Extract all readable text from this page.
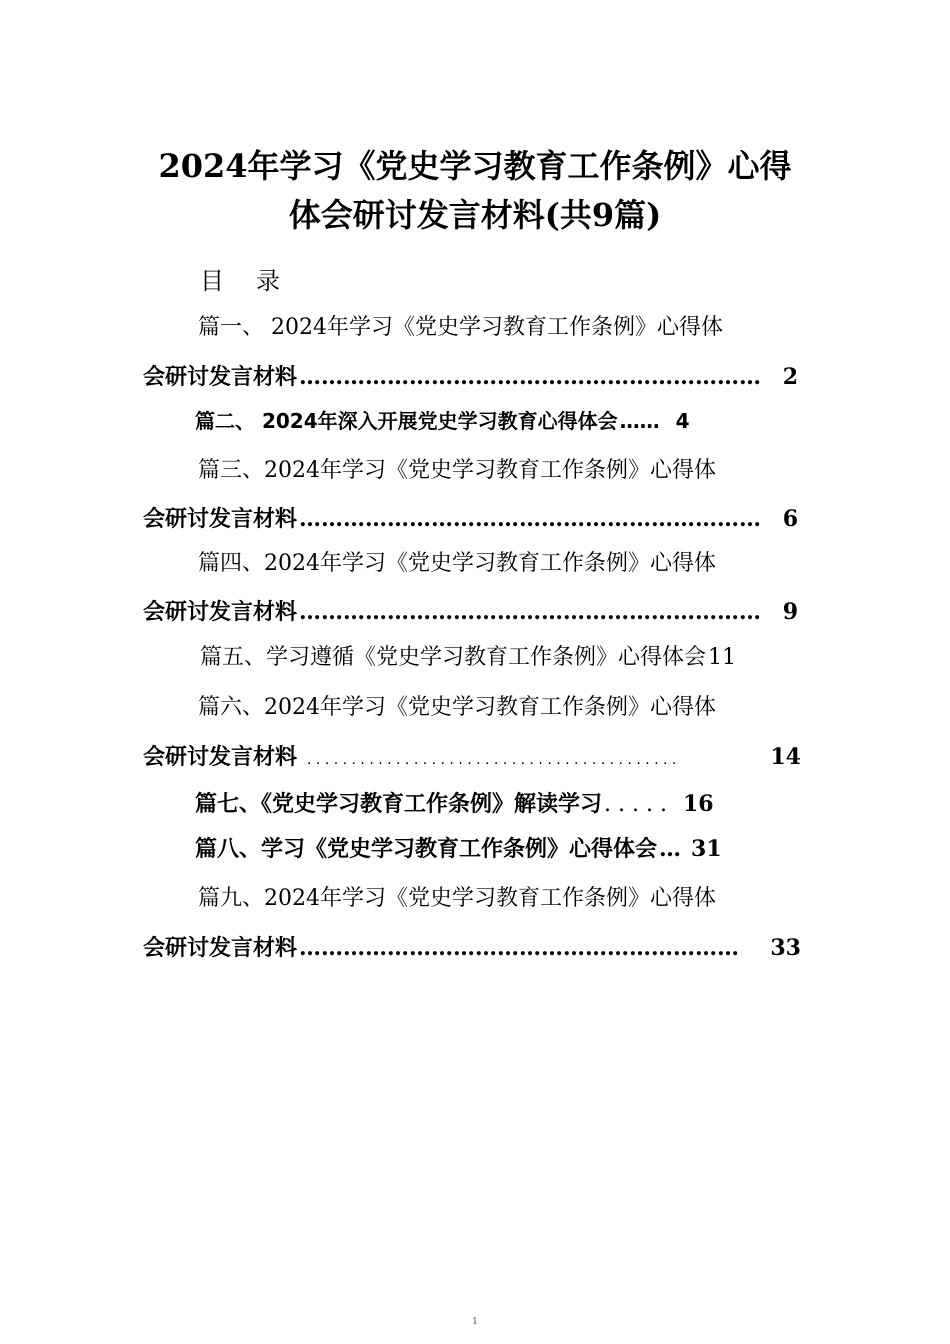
2024年学习《党史学习教育工作条例》心得
体会研讨发言材料(共9篇)
目 录
篇一、 2024年学习《党史学习教育工作条例》心得体
会研讨发言材料 ……………………………………………………… 2
篇二、 2024年深入开展党史学习教育心得体会 …… 4
篇三、2024年学习《党史学习教育工作条例》心得体
会研讨发言材料 ……………………………………………………… 6
篇四、2024年学习《党史学习教育工作条例》心得体
会研讨发言材料 ……………………………………………………… 9
篇五、学习遵循《党史学习教育工作条例》心得体会 11
篇六、2024年学习《党史学习教育工作条例》心得体
会研讨发言材料 . . . . . . . . . . . . . . . . . . . . . . . . . . . . . . . . . . . . . . . . . .	14
篇七、《党史学习教育工作条例》解读学习 . . . . . 16
篇八、学习《党史学习教育工作条例》心得体会 … 31
篇九、2024年学习《党史学习教育工作条例》心得体
会研讨发言材料 ……………………………………………………	33
1
